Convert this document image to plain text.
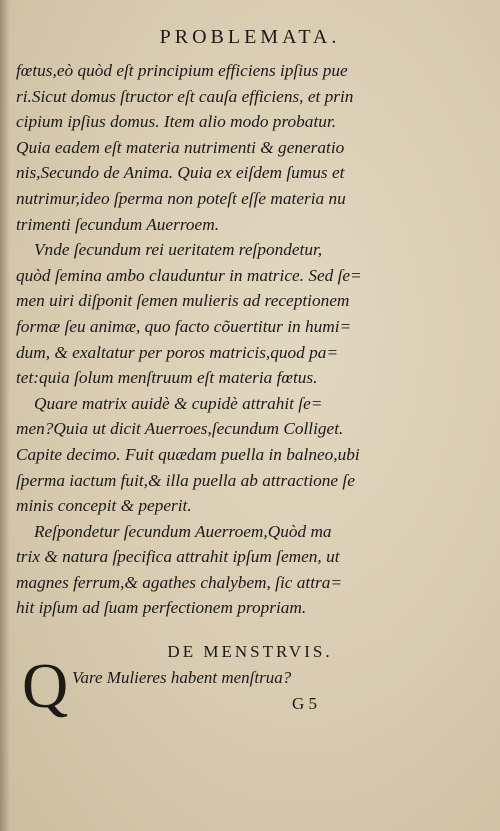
PROBLEMATA.
fœtus,eò quòd eſt principium efficiens ipſius pue
ri.Sicut domus ſtructor eſt cauſa efficiens, et prin
cipium ipſius domus. Item alio modo probatur.
Quia eadem eſt materia nutrimenti & generatio
nis,Secundo de Anima. Quia ex eiſdem ſumus et
nutrimur,ideo ſperma non poteſt eſſe materia nu
trimenti ſecundum Auerroem.
Vnde ſecundum rei ueritatem reſpondetur,
quòd ſemina ambo clauduntur in matrice. Sed ſe=
men uiri diſponit ſemen mulieris ad receptionem
formæ ſeu animæ, quo facto cõuertitur in humi=
dum, & exaltatur per poros matricis,quod pa=
tet:quia ſolum menſtruum eſt materia fœtus.
Quare matrix auidè & cupidè attrahit ſe=
men?Quia ut dicit Auerroes,ſecundum Colliget.
Capite decimo. Fuit quædam puella in balneo,ubi
ſperma iactum fuit,& illa puella ab attractione ſe
minis concepit & peperit.
Reſpondetur ſecundum Auerroem,Quòd ma
trix & natura ſpecifica attrahit ipſum ſemen, ut
magnes ferrum,& agathes chalybem, ſic attra=
hit ipſum ad ſuam perfectionem propriam.
DE MENSTRVIS.
Q Vare Mulieres habent menſtrua?
G 5
